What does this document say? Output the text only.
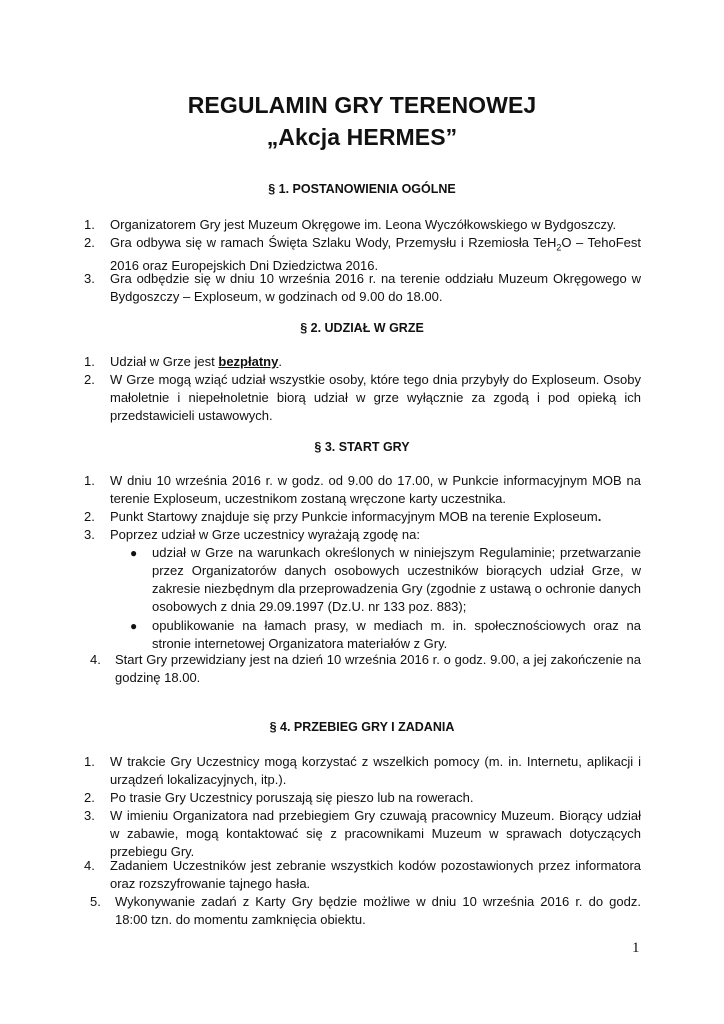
REGULAMIN GRY TERENOWEJ
„Akcja HERMES”
§ 1. POSTANOWIENIA OGÓLNE
1.	Organizatorem Gry jest Muzeum Okręgowe im. Leona Wyczółkowskiego w Bydgoszczy.
2.	Gra odbywa się w ramach Święta Szlaku Wody, Przemysłu i Rzemiosła TeH$_2$O – TehoFest 2016 oraz Europejskich Dni Dziedzictwa 2016.
3.	Gra odbędzie się w dniu 10 września 2016 r. na terenie oddziału Muzeum Okręgowego w Bydgoszczy – Exploseum, w godzinach od 9.00 do 18.00.
§ 2. UDZIAŁ W GRZE
1.	Udział w Grze jest bezpłatny.
2.	W Grze mogą wziąć udział wszystkie osoby, które tego dnia przybyły do Exploseum. Osoby małoletnie i niepełnoletnie biorą udział w grze wyłącznie za zgodą i pod opieką ich przedstawicieli ustawowych.
§ 3. START GRY
1.	W dniu 10 września 2016 r. w godz. od 9.00 do 17.00, w Punkcie informacyjnym MOB na terenie Exploseum, uczestnikom zostaną wręczone karty uczestnika.
2.	Punkt Startowy znajduje się przy Punkcie informacyjnym MOB na terenie Exploseum.
3.	Poprzez udział w Grze uczestnicy wyrażają zgodę na:
● udział w Grze na warunkach określonych w niniejszym Regulaminie; przetwarzanie przez Organizatorów danych osobowych uczestników biorących udział Grze, w zakresie niezbędnym dla przeprowadzenia Gry (zgodnie z ustawą o ochronie danych osobowych z dnia 29.09.1997 (Dz.U. nr 133 poz. 883);
● opublikowanie na łamach prasy, w mediach m. in. społecznościowych oraz na stronie internetowej Organizatora materiałów z Gry.
4.	Start Gry przewidziany jest na dzień 10 września 2016 r. o godz. 9.00, a jej zakończenie na godzinę 18.00.
§ 4. PRZEBIEG GRY I ZADANIA
1.	W trakcie Gry Uczestnicy mogą korzystać z wszelkich pomocy (m. in. Internetu, aplikacji i urządzeń lokalizacyjnych, itp.).
2.	Po trasie Gry Uczestnicy poruszają się pieszo lub na rowerach.
3.	W imieniu Organizatora nad przebiegiem Gry czuwają pracownicy Muzeum. Biorący udział w zabawie, mogą kontaktować się z pracownikami Muzeum w sprawach dotyczących przebiegu Gry.
4.	Zadaniem Uczestników jest zebranie wszystkich kodów pozostawionych przez informatora oraz rozszyfrowanie tajnego hasła.
5.	Wykonywanie zadań z Karty Gry będzie możliwe w dniu 10 września 2016 r. do godz. 18:00 tzn. do momentu zamknięcia obiektu.
1
